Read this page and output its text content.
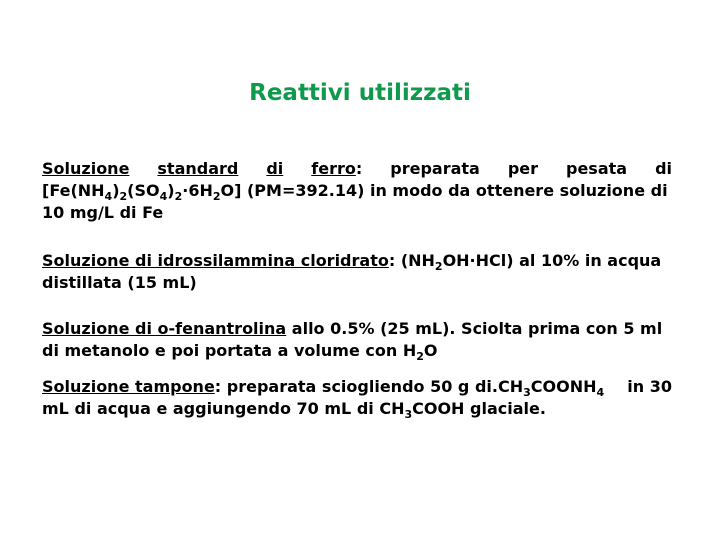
Reattivi utilizzati
Soluzione standard di ferro: preparata per pesata di
$[Fe(NH_4)_2(SO_4)_2\cdot 6H_2O]$ (PM=392.14) in modo da ottenere soluzione di
10 mg/L di Fe
Soluzione di idrossilammina cloridrato: $(NH_2OH\cdot HCl)$ al 10% in acqua
distillata (15 mL)
Soluzione di o-fenantrolina allo 0.5% (25 mL). Sciolta prima con 5 ml
di metanolo e poi portata a volume con $H_2O$
Soluzione tampone: preparata sciogliendo 50 g $di.CH_3COONH_4$ in 30
mL di acqua e aggiungendo 70 mL di $CH_3COOH$ glaciale.
